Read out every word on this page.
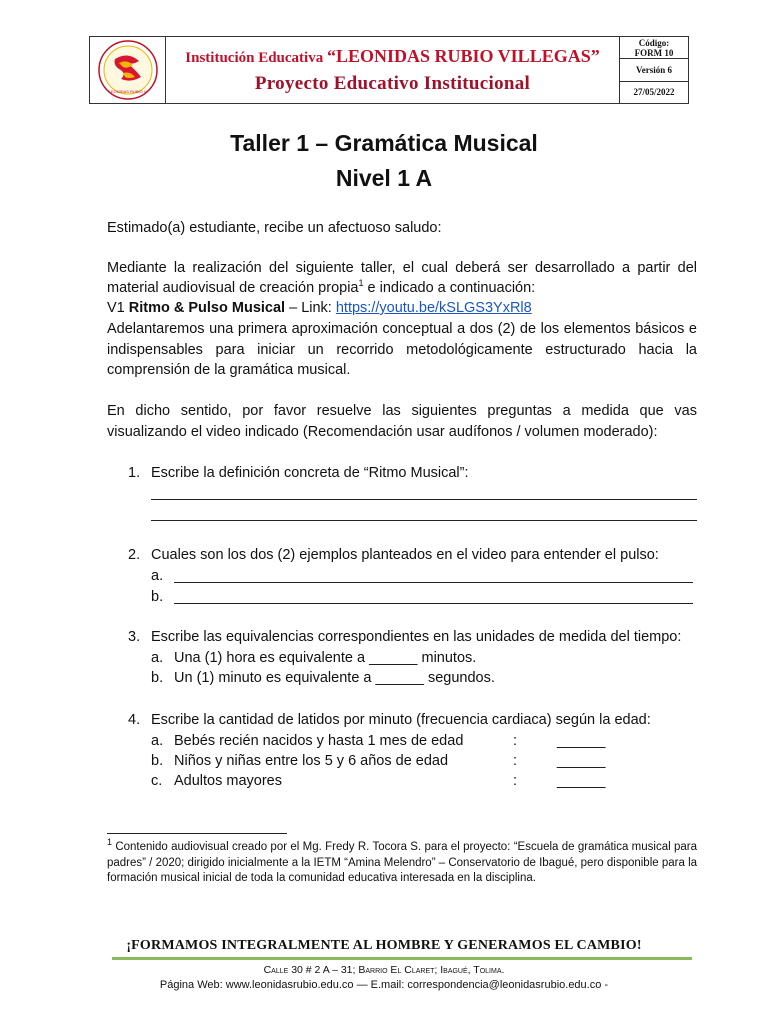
LEONIDAS RUBIO V.
Institución Educativa “LEONIDAS RUBIO VILLEGAS”
Proyecto Educativo Institucional
Código:
FORM 10
Versión 6
27/05/2022
Taller 1 – Gramática Musical
Nivel 1 A
Estimado(a) estudiante, recibe un afectuoso saludo:
Mediante la realización del siguiente taller, el cual deberá ser desarrollado a partir del
material audiovisual de creación propia$^1$ e indicado a continuación:
V1 Ritmo & Pulso Musical – Link: https://youtu.be/kSLGS3YxRl8
Adelantaremos una primera aproximación conceptual a dos (2) de los elementos básicos e indispensables para iniciar un recorrido metodológicamente estructurado hacia la comprensión de la gramática musical.
En dicho sentido, por favor resuelve las siguientes preguntas a medida que vas visualizando el video indicado (Recomendación usar audífonos / volumen moderado):
1. Escribe la definición concreta de “Ritmo Musical”:
2. Cuales son los dos (2) ejemplos planteados en el video para entender el pulso:
a.
b.
3. Escribe las equivalencias correspondientes en las unidades de medida del tiempo:
a. Una (1) hora es equivalente a ______ minutos.
b. Un (1) minuto es equivalente a ______ segundos.
4. Escribe la cantidad de latidos por minuto (frecuencia cardiaca) según la edad:
a. Bebés recién nacidos y hasta 1 mes de edad	:	______
b. Niños y niñas entre los 5 y 6 años de edad	:	______
c. Adultos mayores	:	______
$^1$ Contenido audiovisual creado por el Mg. Fredy R. Tocora S. para el proyecto: “Escuela de gramática musical para padres” / 2020; dirigido inicialmente a la IETM “Amina Melendro” – Conservatorio de Ibagué, pero disponible para la formación musical inicial de toda la comunidad educativa interesada en la disciplina.
¡FORMAMOS INTEGRALMENTE AL HOMBRE Y GENERAMOS EL CAMBIO!
Calle 30 # 2 A – 31; Barrio El Claret; Ibagué, Tolima.
Página Web: www.leonidasrubio.edu.co — E.mail: correspondencia@leonidasrubio.edu.co -
